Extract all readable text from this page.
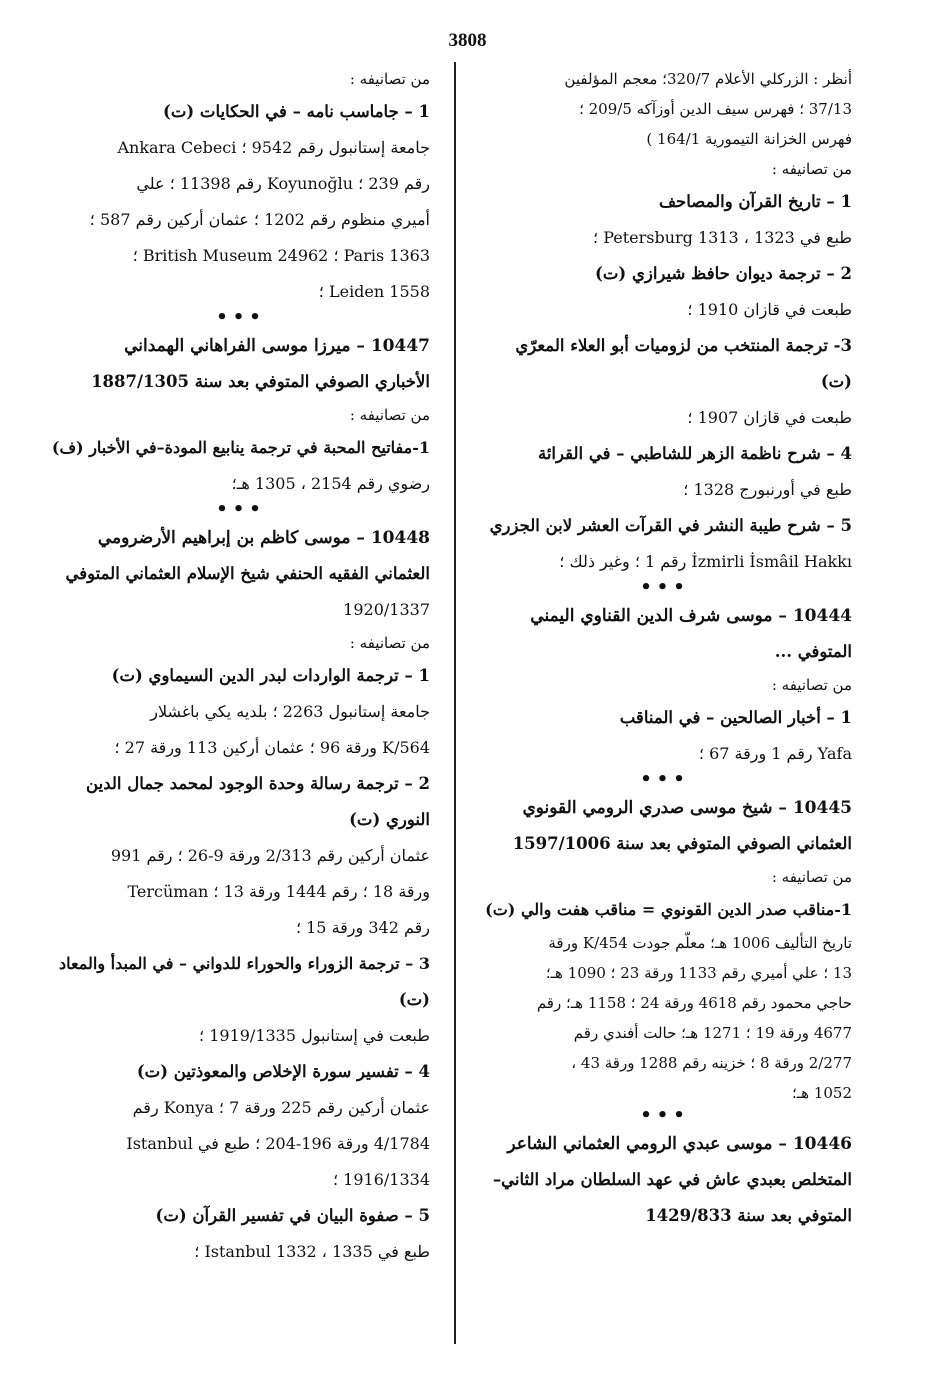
3808
أنظر : الزركلي الأعلام 320/7؛ معجم المؤلفين
37/13 ؛ فهرس سيف الدين أوزآكه 209/5 ؛
فهرس الخزانة التيمورية 164/1 )
من تصانيفه :
1 – تاريخ القرآن والمصاحف
طبع في Petersburg 1313 ، 1323 ؛
2 – ترجمة ديوان حافظ شيرازي (ت)
طبعت في قازان 1910 ؛
3- ترجمة المنتخب من لزوميات أبو العلاء المعرّي
(ت)
طبعت في قازان 1907 ؛
4 – شرح ناظمة الزهر للشاطبي – في القرائة
طبع في أورنبورج 1328 ؛
5 – شرح طيبة النشر في القرآت العشر لابن الجزري
İzmirli İsmâil Hakkı رقم 1 ؛ وغير ذلك ؛
•••
10444 – موسى شرف الدين القناوي اليمني
المتوفي ...
من تصانيفه :
1 – أخبار الصالحين – في المناقب
Yafa رقم 1 ورقة 67 ؛
•••
10445 – شيخ موسى صدري الرومي القونوي
العثماني الصوفي المتوفي بعد سنة 1597/1006
من تصانيفه :
1-مناقب صدر الدين القونوي = مناقب هفت والي (ت)
تاريخ التأليف 1006 هـ؛ معلّم جودت 454/K ورقة
13 ؛ علي أميري رقم 1133 ورقة 23 ؛ 1090 هـ؛
حاجي محمود رقم 4618 ورقة 24 ؛ 1158 هـ؛ رقم
4677 ورقة 19 ؛ 1271 هـ؛ حالت أفندي رقم
2/277 ورقة 8 ؛ خزينه رقم 1288 ورقة 43 ،
1052 هـ؛
•••
10446 – موسى عبدي الرومي العثماني الشاعر
المتخلص بعبدي عاش في عهد السلطان مراد الثاني–
المتوفي بعد سنة 1429/833
من تصانيفه :
1 – جاماسب نامه – في الحكايات (ت)
جامعة إستانبول رقم 9542 ؛ Ankara Cebeci
رقم 239 ؛ Koyunoğlu رقم 11398 ؛ علي
أميري منظوم رقم 1202 ؛ عثمان أركين رقم 587 ؛
Paris 1363 ؛ British Museum 24962 ؛
Leiden 1558 ؛
•••
10447 – ميرزا موسى الفراهاني الهمداني
الأخباري الصوفي المتوفي بعد سنة 1887/1305
من تصانيفه :
1-مفاتيح المحبة في ترجمة ينابيع المودة–في الأخبار (ف)
رضوي رقم 2154 ، 1305 هـ؛
•••
10448 – موسى كاظم بن إبراهيم الأرضرومي
العثماني الفقيه الحنفي شيخ الإسلام العثماني المتوفي
1920/1337
من تصانيفه :
1 – ترجمة الواردات لبدر الدين السيماوي (ت)
جامعة إستانبول 2263 ؛ بلديه يكي باغشلار
564/K ورقة 96 ؛ عثمان أركين 113 ورقة 27 ؛
2 – ترجمة رسالة وحدة الوجود لمحمد جمال الدين
النوري (ت)
عثمان أركين رقم 2/313 ورقة 9-26 ؛ رقم 991
ورقة 18 ؛ رقم 1444 ورقة 13 ؛ Tercüman
رقم 342 ورقة 15 ؛
3 – ترجمة الزوراء والحوراء للدواني – في المبدأ والمعاد
(ت)
طبعت في إستانبول 1919/1335 ؛
4 – تفسير سورة الإخلاص والمعوذتين (ت)
عثمان أركين رقم 225 ورقة 7 ؛ Konya رقم
4/1784 ورقة 196-204 ؛ طبع في Istanbul
1916/1334 ؛
5 – صفوة البيان في تفسير القرآن (ت)
طبع في Istanbul 1332 ، 1335 ؛
